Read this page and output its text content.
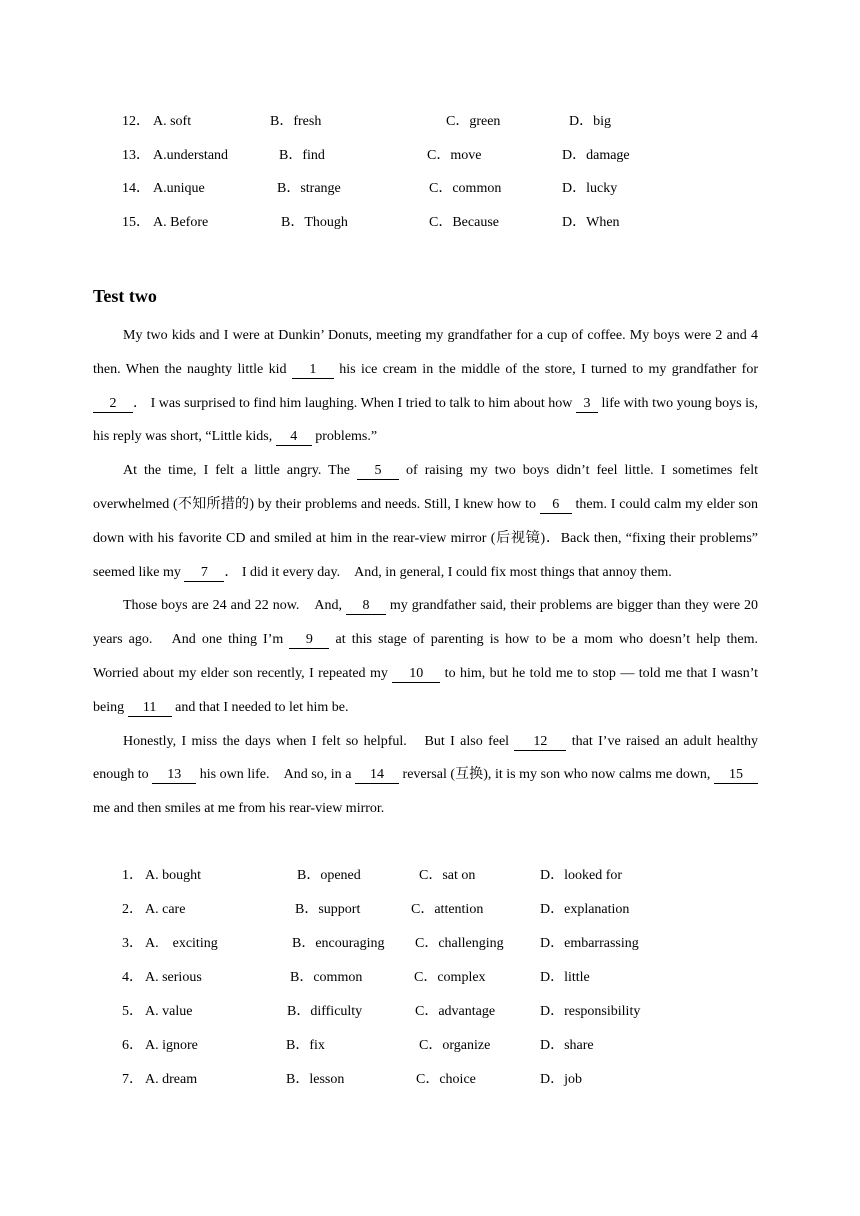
12． A. soft	B．fresh	C．green	D．big
13． A.understand	B．find	C．move	D．damage
14． A.unique	B．strange	C．common	D．lucky
15． A. Before	B．Though	C．Because	D．When
Test two

My two kids and I were at Dunkin’ Donuts, meeting my grandfather for a cup of coffee. My boys were 2 and 4 then. When the naughty little kid 1 his ice cream in the middle of the store, I turned to my grandfather for 2 ． I was surprised to find him laughing. When I tried to talk to him about how 3 life with two young boys is, his reply was short, “Little kids, 4 problems.”

At the time, I felt a little angry. The 5 of raising my two boys didn’t feel little. I sometimes felt overwhelmed (不知所措的) by their problems and needs. Still, I knew how to 6 them. I could calm my elder son down with his favorite CD and smiled at him in the rear-view mirror (后视镜)．Back then, “fixing their problems” seemed like my 7 ． I did it every day.　And, in general, I could fix most things that annoy them.

Those boys are 24 and 22 now.　And, 8 my grandfather said, their problems are bigger than they were 20 years ago.　And one thing I’m 9 at this stage of parenting is how to be a mom who doesn’t help them.　Worried about my elder son recently, I repeated my 10 to him, but he told me to stop — told me that I wasn’t being 11 and that I needed to let him be.

Honestly, I miss the days when I felt so helpful.　But I also feel 12 that I’ve raised an adult healthy enough to 13 his own life.　And so, in a 14 reversal (互换), it is my son who now calms me down, 15 me and then smiles at me from his rear-view mirror.

1． A. bought	B．opened	C．sat on	D．looked for
2． A. care	B．support	C．attention	D．explanation
3． A.　exciting	B．encouraging C．challenging	D．embarrassing
4． A. serious	B．common	C．complex	D．little
5． A. value	B．difficulty	C．advantage	D．responsibility
6． A. ignore	B．fix	C．organize	D．share
7． A. dream	B．lesson	C．choice	D．job
